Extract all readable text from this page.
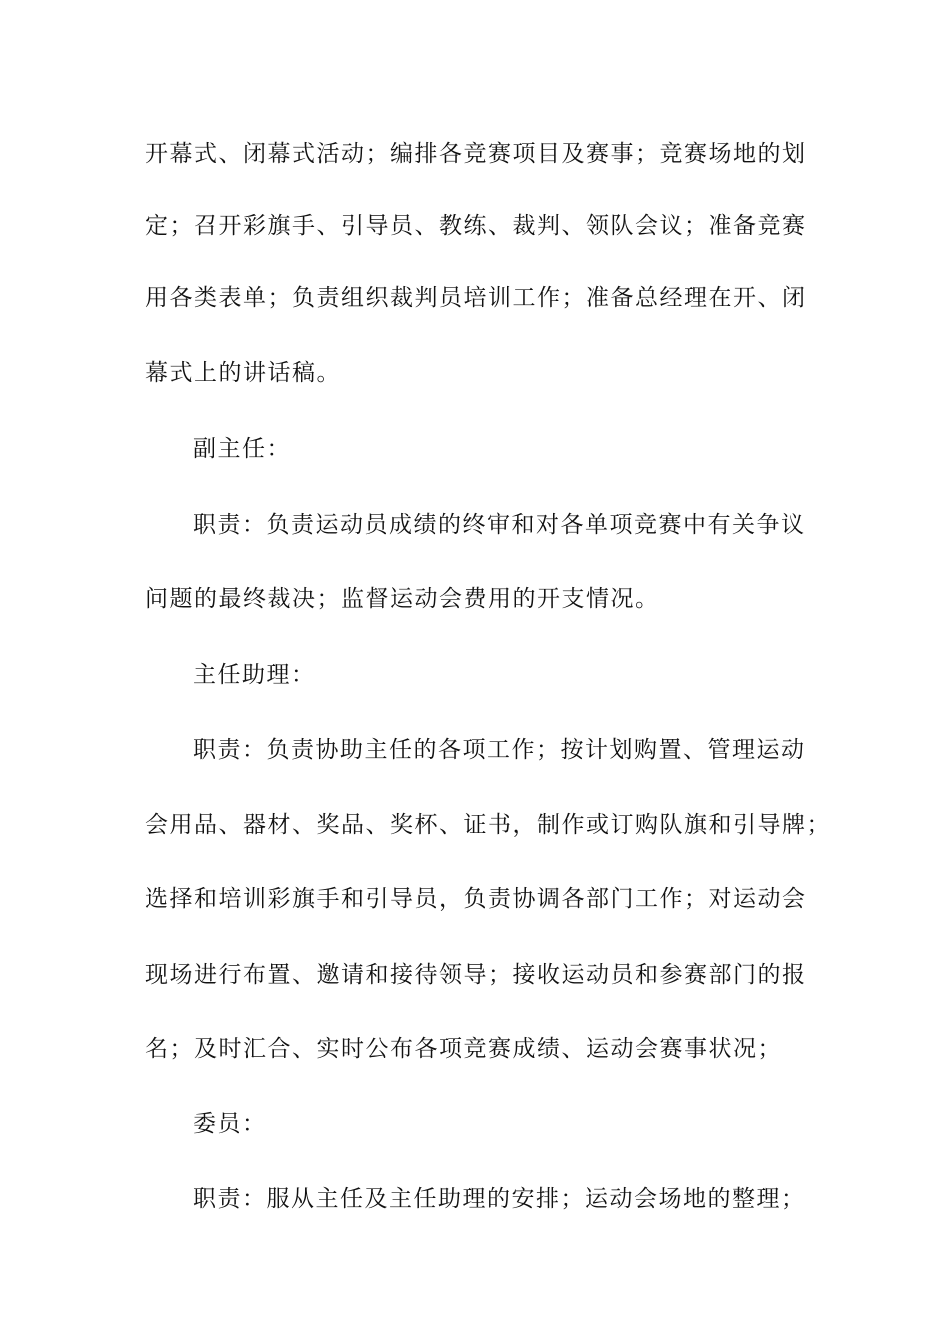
开幕式、闭幕式活动；编排各竞赛项目及赛事；竞赛场地的划
定；召开彩旗手、引导员、教练、裁判、领队会议；准备竞赛
用各类表单；负责组织裁判员培训工作；准备总经理在开、闭
幕式上的讲话稿。
副主任：
职责：负责运动员成绩的终审和对各单项竞赛中有关争议
问题的最终裁决；监督运动会费用的开支情况。
主任助理：
职责：负责协助主任的各项工作；按计划购置、管理运动
会用品、器材、奖品、奖杯、证书，制作或订购队旗和引导牌；
选择和培训彩旗手和引导员，负责协调各部门工作；对运动会
现场进行布置、邀请和接待领导；接收运动员和参赛部门的报
名；及时汇合、实时公布各项竞赛成绩、运动会赛事状况；
委员：
职责：服从主任及主任助理的安排；运动会场地的整理；
